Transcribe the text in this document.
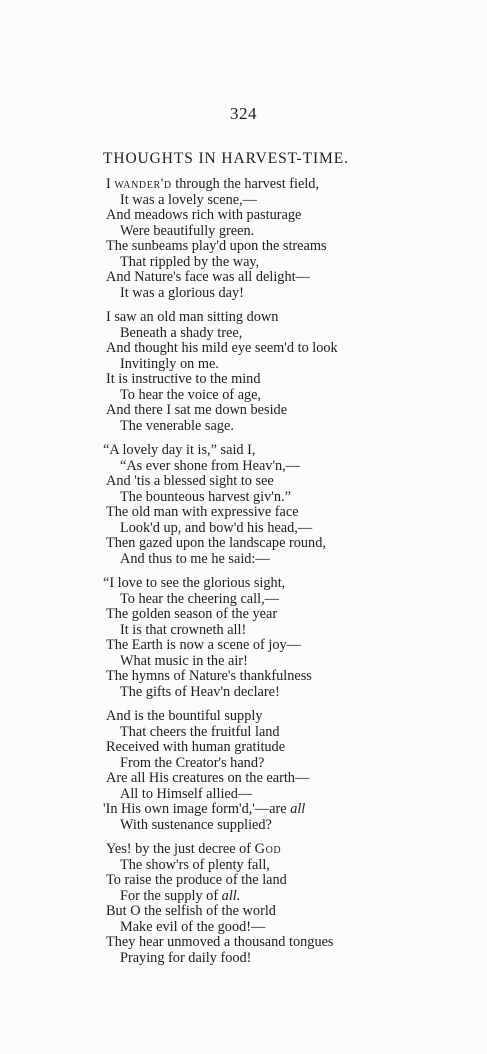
324
THOUGHTS IN HARVEST-TIME.
I wander'd through the harvest field,
It was a lovely scene,—
And meadows rich with pasturage
Were beautifully green.
The sunbeams play'd upon the streams
That rippled by the way,
And Nature's face was all delight—
It was a glorious day!
I saw an old man sitting down
Beneath a shady tree,
And thought his mild eye seem'd to look
Invitingly on me.
It is instructive to the mind
To hear the voice of age,
And there I sat me down beside
The venerable sage.
“A lovely day it is,” said I,
“As ever shone from Heav'n,—
And 'tis a blessed sight to see
The bounteous harvest giv'n.”
The old man with expressive face
Look'd up, and bow'd his head,—
Then gazed upon the landscape round,
And thus to me he said:—
“I love to see the glorious sight,
To hear the cheering call,—
The golden season of the year
It is that crowneth all!
The Earth is now a scene of joy—
What music in the air!
The hymns of Nature's thankfulness
The gifts of Heav'n declare!
And is the bountiful supply
That cheers the fruitful land
Received with human gratitude
From the Creator's hand?
Are all His creatures on the earth—
All to Himself allied—
'In His own image form'd,'—are all
With sustenance supplied?
Yes! by the just decree of God
The show'rs of plenty fall,
To raise the produce of the land
For the supply of all.
But O the selfish of the world
Make evil of the good!—
They hear unmoved a thousand tongues
Praying for daily food!
